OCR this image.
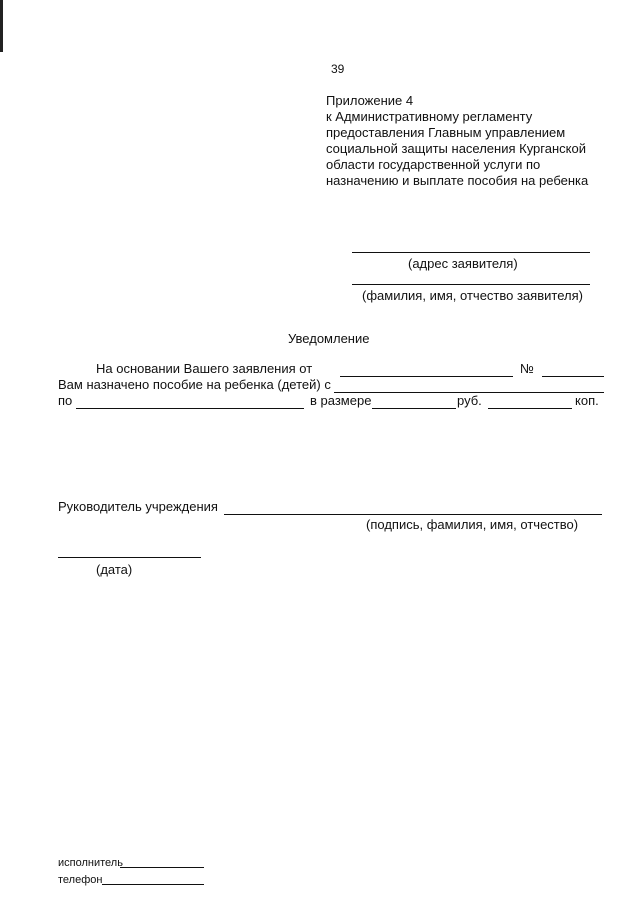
39
Приложение 4
к Административному регламенту
предоставления Главным управлением
социальной защиты населения Курганской
области государственной услуги по
назначению и выплате пособия на ребенка
(адрес заявителя)
(фамилия, имя, отчество заявителя)
Уведомление
На основании Вашего заявления от	№
Вам назначено пособие на ребенка (детей) с
по	в размере	руб.	коп.
Руководитель учреждения
(подпись, фамилия, имя, отчество)
(дата)
исполнитель
телефон
